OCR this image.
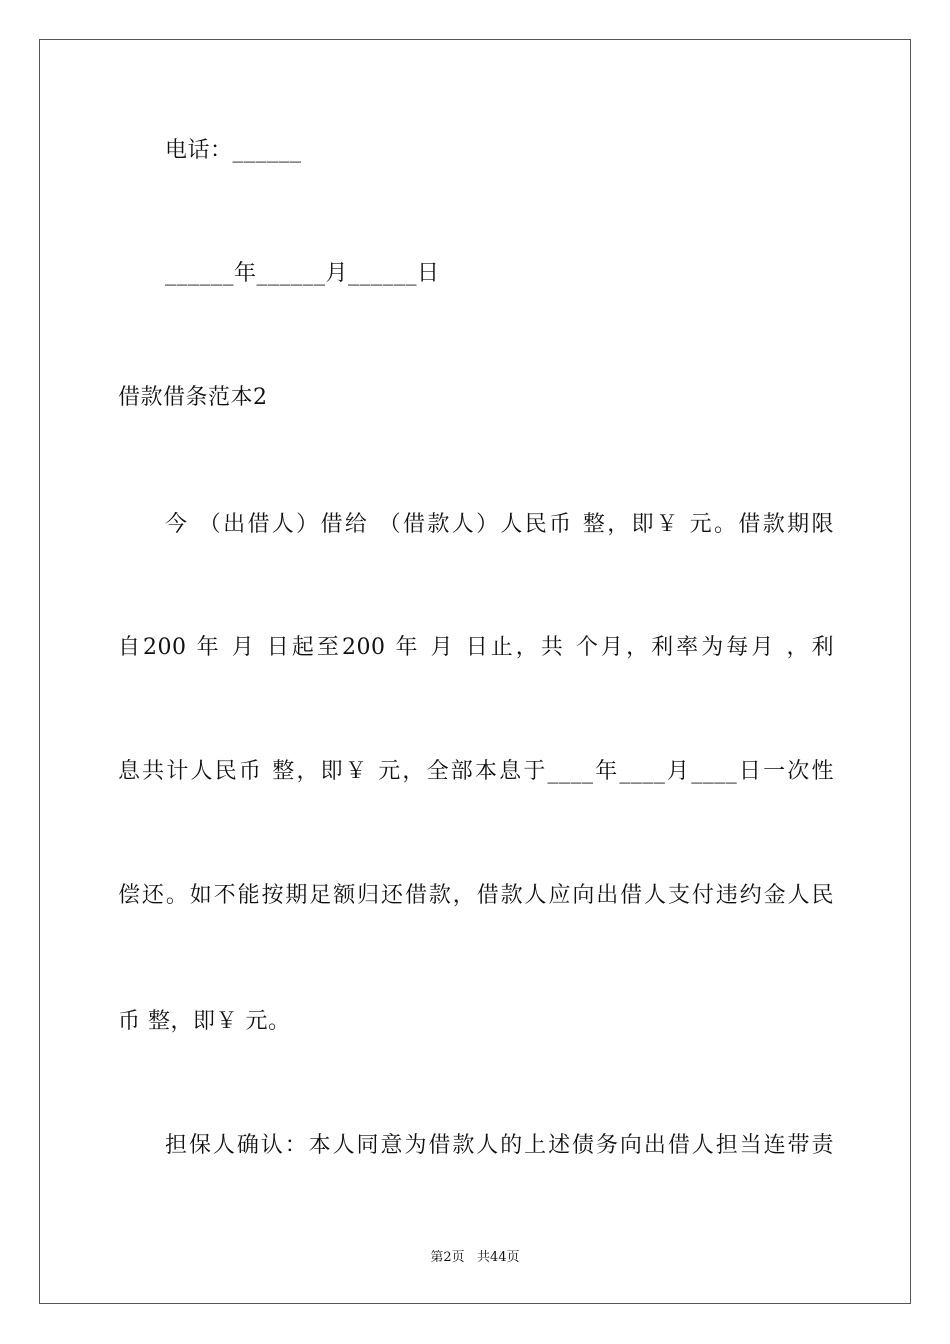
电话：______
______年______月______日
借款借条范本2
今 （出借人）借给 （借款人）人民币 整，即￥ 元。借款期限
自200 年 月 日起至200 年 月 日止，共 个月，利率为每月 ，利
息共计人民币 整，即￥ 元，全部本息于____年____月____日一次性
偿还。如不能按期足额归还借款，借款人应向出借人支付违约金人民
币 整，即￥ 元。
担保人确认：本人同意为借款人的上述债务向出借人担当连带责
第2页   共44页
